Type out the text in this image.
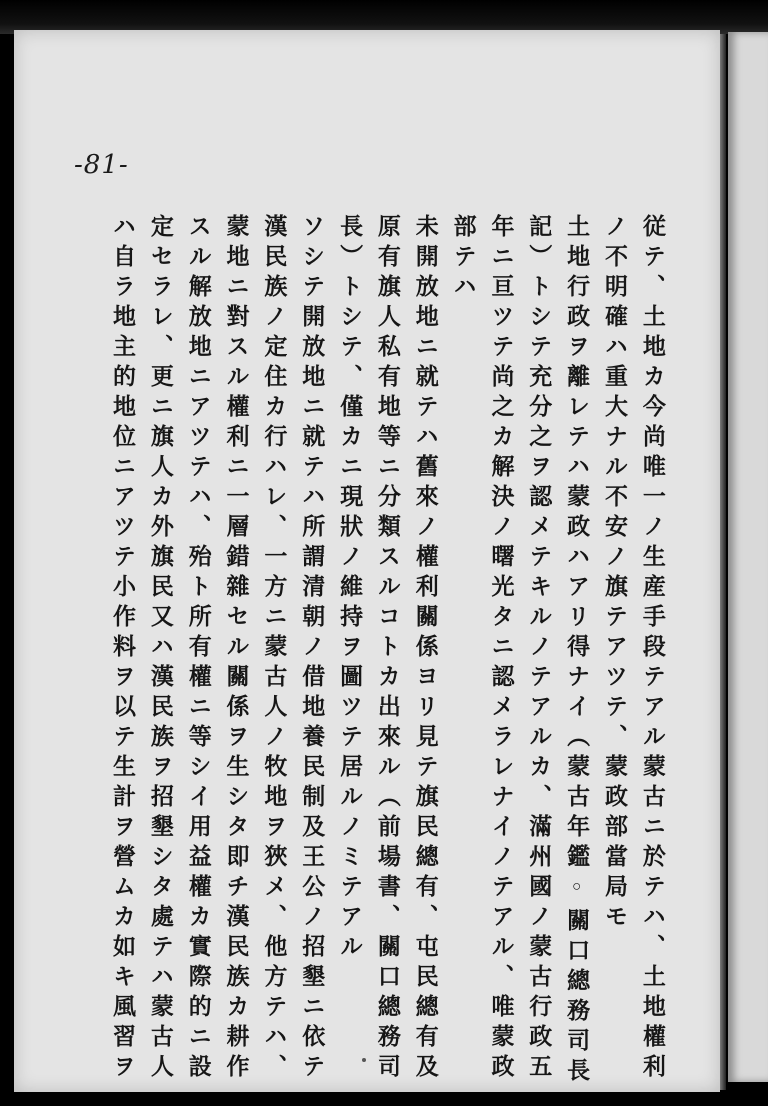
-81-
従テ、土地カ今尚唯一ノ生産手段テアル蒙古ニ於テハ、土地權利
ノ不明確ハ重大ナル不安ノ旗テアツテ、蒙政部當局モ
土地行政ヲ離レテハ蒙政ハアリ得ナイ（蒙古年鑑◦關口總務司長
記）トシテ充分之ヲ認メテキルノテアルカ、滿州國ノ蒙古行政五
年ニ亘ツテ尚之カ解決ノ曙光タニ認メラレナイノテアル、唯蒙政
部テハ
未開放地ニ就テハ舊來ノ權利關係ヨリ見テ旗民總有、屯民總有及
原有旗人私有地等ニ分類スルコトカ出來ル（前場書、關口總務司
長）トシテ、僅カニ現狀ノ維持ヲ圖ツテ居ルノミテアル
ソシテ開放地ニ就テハ所謂清朝ノ借地養民制及王公ノ招墾ニ依テ
漢民族ノ定住カ行ハレ、一方ニ蒙古人ノ牧地ヲ狹メ、他方テハ、
蒙地ニ對スル權利ニ一層錯雜セル關係ヲ生シタ即チ漢民族カ耕作
スル解放地ニアツテハ、殆ト所有權ニ等シイ用益權カ實際的ニ設
定セラレ、更ニ旗人カ外旗民又ハ漢民族ヲ招墾シタ處テハ蒙古人
ハ自ラ地主的地位ニアツテ小作料ヲ以テ生計ヲ營ムカ如キ風習ヲ
